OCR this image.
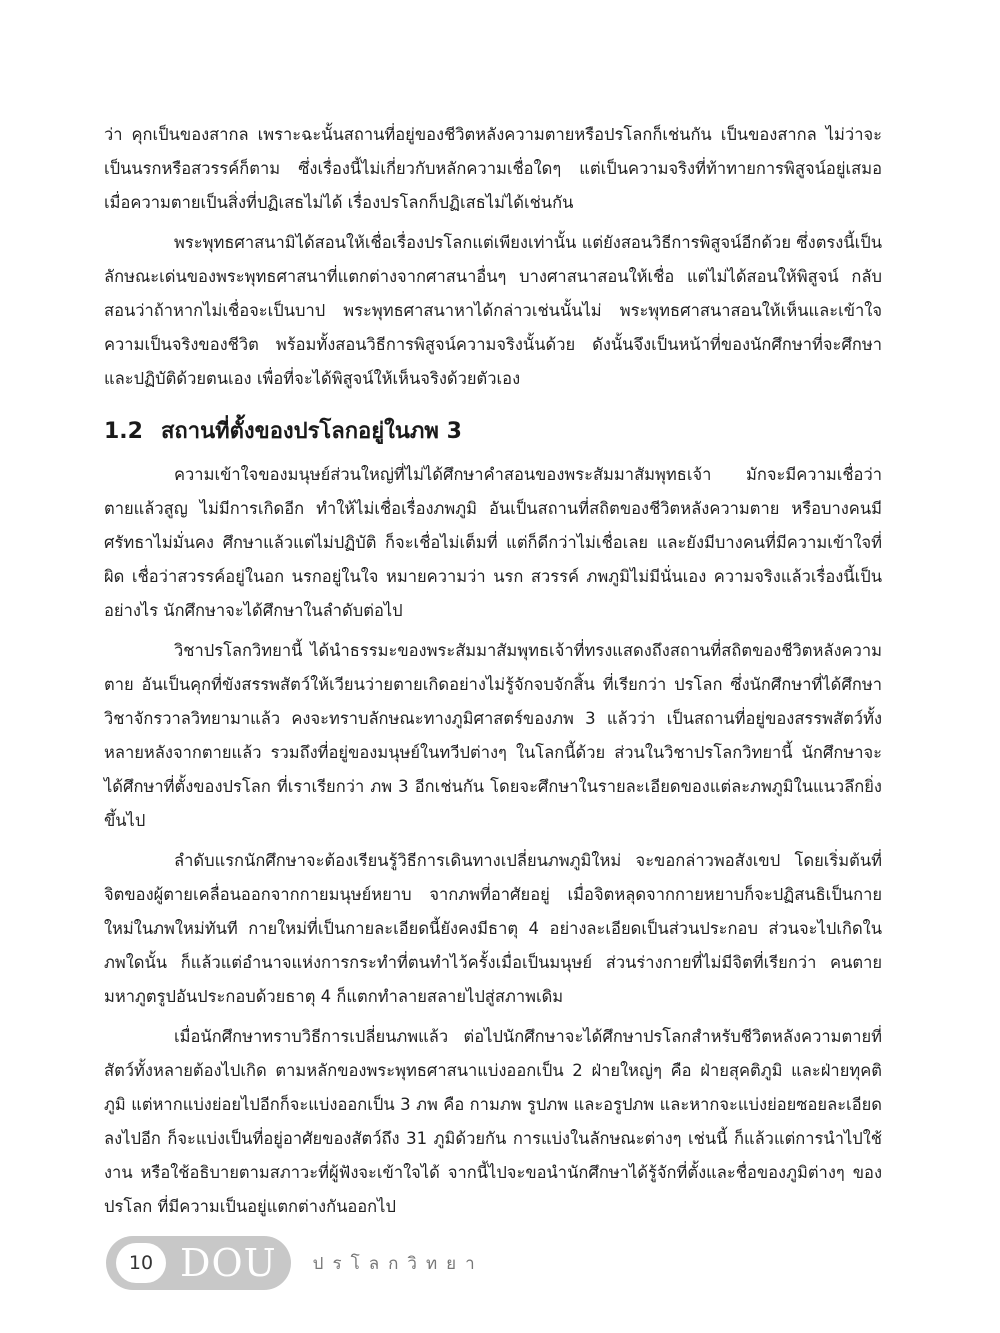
ว่า คุกเป็นของสากล เพราะฉะนั้นสถานที่อยู่ของชีวิตหลังความตายหรือปรโลกก็เช่นกัน เป็นของสากล ไม่ว่าจะเป็นนรกหรือสวรรค์ก็ตาม ซึ่งเรื่องนี้ไม่เกี่ยวกับหลักความเชื่อใดๆ แต่เป็นความจริงที่ท้าทายการพิสูจน์อยู่เสมอ เมื่อความตายเป็นสิ่งที่ปฏิเสธไม่ได้ เรื่องปรโลกก็ปฏิเสธไม่ได้เช่นกัน

พระพุทธศาสนามิได้สอนให้เชื่อเรื่องปรโลกแต่เพียงเท่านั้น แต่ยังสอนวิธีการพิสูจน์อีกด้วย ซึ่งตรงนี้เป็นลักษณะเด่นของพระพุทธศาสนาที่แตกต่างจากศาสนาอื่นๆ บางศาสนาสอนให้เชื่อ แต่ไม่ได้สอนให้พิสูจน์ กลับสอนว่าถ้าหากไม่เชื่อจะเป็นบาป พระพุทธศาสนาหาได้กล่าวเช่นนั้นไม่ พระพุทธศาสนาสอนให้เห็นและเข้าใจความเป็นจริงของชีวิต พร้อมทั้งสอนวิธีการพิสูจน์ความจริงนั้นด้วย ดังนั้นจึงเป็นหน้าที่ของนักศึกษาที่จะศึกษาและปฏิบัติด้วยตนเอง เพื่อที่จะได้พิสูจน์ให้เห็นจริงด้วยตัวเอง

1.2 สถานที่ตั้งของปรโลกอยู่ในภพ 3

ความเข้าใจของมนุษย์ส่วนใหญ่ที่ไม่ได้ศึกษาคำสอนของพระสัมมาสัมพุทธเจ้า มักจะมีความเชื่อว่าตายแล้วสูญ ไม่มีการเกิดอีก ทำให้ไม่เชื่อเรื่องภพภูมิ อันเป็นสถานที่สถิตของชีวิตหลังความตาย หรือบางคนมีศรัทธาไม่มั่นคง ศึกษาแล้วแต่ไม่ปฏิบัติ ก็จะเชื่อไม่เต็มที่ แต่ก็ดีกว่าไม่เชื่อเลย และยังมีบางคนที่มีความเข้าใจที่ผิด เชื่อว่าสวรรค์อยู่ในอก นรกอยู่ในใจ หมายความว่า นรก สวรรค์ ภพภูมิไม่มีนั่นเอง ความจริงแล้วเรื่องนี้เป็นอย่างไร นักศึกษาจะได้ศึกษาในลำดับต่อไป

วิชาปรโลกวิทยานี้ ได้นำธรรมะของพระสัมมาสัมพุทธเจ้าที่ทรงแสดงถึงสถานที่สถิตของชีวิตหลังความตาย อันเป็นคุกที่ขังสรรพสัตว์ให้เวียนว่ายตายเกิดอย่างไม่รู้จักจบจักสิ้น ที่เรียกว่า ปรโลก ซึ่งนักศึกษาที่ได้ศึกษาวิชาจักรวาลวิทยามาแล้ว คงจะทราบลักษณะทางภูมิศาสตร์ของภพ 3 แล้วว่า เป็นสถานที่อยู่ของสรรพสัตว์ทั้งหลายหลังจากตายแล้ว รวมถึงที่อยู่ของมนุษย์ในทวีปต่างๆ ในโลกนี้ด้วย ส่วนในวิชาปรโลกวิทยานี้ นักศึกษาจะได้ศึกษาที่ตั้งของปรโลก ที่เราเรียกว่า ภพ 3 อีกเช่นกัน โดยจะศึกษาในรายละเอียดของแต่ละภพภูมิในแนวลึกยิ่งขึ้นไป

ลำดับแรกนักศึกษาจะต้องเรียนรู้วิธีการเดินทางเปลี่ยนภพภูมิใหม่ จะขอกล่าวพอสังเขป โดยเริ่มต้นที่จิตของผู้ตายเคลื่อนออกจากกายมนุษย์หยาบ จากภพที่อาศัยอยู่ เมื่อจิตหลุดจากกายหยาบก็จะปฏิสนธิเป็นกายใหม่ในภพใหม่ทันที กายใหม่ที่เป็นกายละเอียดนี้ยังคงมีธาตุ 4 อย่างละเอียดเป็นส่วนประกอบ ส่วนจะไปเกิดในภพใดนั้น ก็แล้วแต่อำนาจแห่งการกระทำที่ตนทำไว้ครั้งเมื่อเป็นมนุษย์ ส่วนร่างกายที่ไม่มีจิตที่เรียกว่า คนตาย มหาภูตรูปอันประกอบด้วยธาตุ 4 ก็แตกทำลายสลายไปสู่สภาพเดิม

เมื่อนักศึกษาทราบวิธีการเปลี่ยนภพแล้ว ต่อไปนักศึกษาจะได้ศึกษาปรโลกสำหรับชีวิตหลังความตายที่สัตว์ทั้งหลายต้องไปเกิด ตามหลักของพระพุทธศาสนาแบ่งออกเป็น 2 ฝ่ายใหญ่ๆ คือ ฝ่ายสุคติภูมิ และฝ่ายทุคติภูมิ แต่หากแบ่งย่อยไปอีกก็จะแบ่งออกเป็น 3 ภพ คือ กามภพ รูปภพ และอรูปภพ และหากจะแบ่งย่อยซอยละเอียดลงไปอีก ก็จะแบ่งเป็นที่อยู่อาศัยของสัตว์ถึง 31 ภูมิด้วยกัน การแบ่งในลักษณะต่างๆ เช่นนี้ ก็แล้วแต่การนำไปใช้งาน หรือใช้อธิบายตามสภาวะที่ผู้ฟังจะเข้าใจได้ จากนี้ไปจะขอนำนักศึกษาได้รู้จักที่ตั้งและชื่อของภูมิต่างๆ ของปรโลก ที่มีความเป็นอยู่แตกต่างกันออกไป

10 DOU ปรโลกวิทยา
